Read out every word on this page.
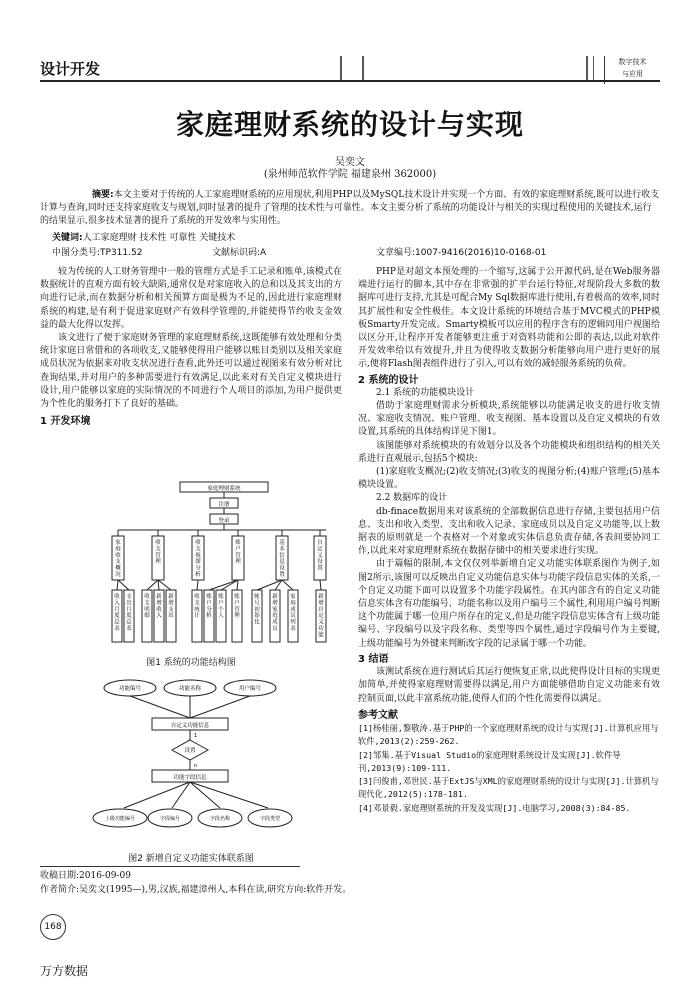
设计开发	数字技术
与应用
家庭理财系统的设计与实现
吴奕文
(泉州师范软件学院 福建泉州 362000)
摘要:本文主要对于传统的人工家庭理财系统的应用现状,利用PHP以及MySQL技术设计并实现一个方面、有效的家庭理财系统,既可以进行收支计算与查询,同时还支持家庭收支与规划,同时显著的提升了管理的技术性与可靠性。本文主要分析了系统的功能设计与相关的实现过程使用的关键技术,运行的结果显示,很多技术显著的提升了系统的开发效率与实用性。
关键词:人工家庭理财 技术性 可靠性 关键技术
中图分类号:TP311.52	文献标识码:A	文章编号:1007-9416(2016)10-0168-01

较为传统的人工财务管理中一般的管理方式是手工记录和账单,该模式在数据统计的直观方面有较大缺陷,通常仅是对家庭收入的总和以及其支出的方向进行记录,而在数据分析和相关预算方面是极为不足的,因此进行家庭理财系统的构建,是有利于促进家庭财产有效科学管理的,并能使得节约收支金效益的最大化得以发挥。

该文进行了便于家庭财务管理的家庭理财系统,这既能够有效处理和分类统计家庭日常借和的各项收支,又能够使得用户能够以账目类别以及相关家庭成员状况为依据来对收支状况进行查看,此外还可以通过视图来有效分析对比查询结果,并对用户的多种需要进行有效满足,以此来对有关自定义模块进行设计,用户能够以家庭的实际情况的不同进行个人项目的添加,为用户提供更为个性化的服务打下了良好的基础。

1 开发环境
家庭理财系统
注册
登录
家
庭
收
支
概
况
收
支
管
理
收
支
视
图
分
析
账
户
管
理
基
本
信
息
设
置
自
定
义
设
置
收
入
月
度
总
表
支
出
月
度
总
表
收
支
明
细
新
增
收
入
新
增
支
出
收
支
统
计
账
户
分
析
账
户
个
人
账
户
管
理
帐
号
初
始
化
新
增
家
庭
成
员
家
庭
成
员
列
表
新
增
自
定
义
功
能
图1 系统的功能结构图
功能编号	功能名称	用户编号
自定义功能信息
1
设置
n
功能字段信息
上级功能编号	字段编号	字段名称	字段类型
图2 新增自定义功能实体联系图

PHP是对超文本预处理的一个缩写,这属于公开源代码,是在Web服务器端进行运行的脚本,其中存在非常强的扩平台运行特征,对现阶段大多数的数据库可进行支持,尤其是可配合My Sql数据库进行使用,有着极高的效率,同时其扩展性和安全性极佳。本文设计系统的环境结合基于MVC模式的PHP模板Smarty开发完成。Smarty模板可以应用的程序含有的逻辑同用户视图给以区分开,让程序开发者能够更注重于对资料功能和公即的表达,以此对软件开发效率给以有效提升,并且为使得收支数据分析能够向用户进行更好的展示,便将Flash图表组件进行了引入,可以有效的减轻服务系统的负荷。

2 系统的设计
2.1 系统的功能模块设计

借助于家庭理财需求分析模块,系统能够以功能满足收支的进行收支情况、家庭收支情况、账户管理、收支视图、基本设置以及自定义模块的有效设置,其系统的具体结构详见下图1。

该图能够对系统模块的有效划分以及各个功能模块和组织结构的相关关系进行直观展示,包括5个模块:

(1)家庭收支概况;(2)收支情况;(3)收支的视图分析;(4)账户管理;(5)基本模块设置。

2.2 数据库的设计

db-finace数据用来对该系统的全部数据信息进行存储,主要包括用户信息、支出和收入类型、支出和收入记录、家庭成员以及自定义功能等,以上数据表的原则就是一个表格对一个对象或实体信息负责存储,各表间要协同工作,以此来对家庭理财系统在数据存储中的相关要求进行实现。

由于篇幅的限制,本文仅仅列举新增自定义功能实体联系图作为例子,如图2所示,该图可以反映出自定义功能信息实体与功能字段信息实体的关系,一个自定义功能下面可以设置多个功能字段属性。在其内部含有的自定义功能信息实体含有功能编号、功能名称以及用户编号三个属性,利用用户编号判断这个功能属于哪一位用户所存在的定义,但是功能字段信息实体含有上级功能编号、字段编号以及字段名称、类型等四个属性,通过字段编号作为主要键,上级功能编号为外键来判断改字段的记录属于哪一个功能。

3 结语

该测试系统在进行测试后其运行便恢复正常,以此使得设计目标的实现更加简单,并使得家庭理财需要得以满足,用户方面能够借助自定义功能来有效控制页面,以此丰富系统功能,使得人们的个性化需要得以满足。

参考文献
[1]杨桂丽,黎敬涛.基于PHP的一个家庭理财系统的设计与实现[J].计算机应用与软件,2013(2):259-262.
[2]邹集.基于Visual Studio的家庭理财系统设计及实现[J].软件导刊,2013(9):109-111.
[3]闫俊甫,邓世民.基于ExtJS与XML的家庭理财系统的设计与实现[J].计算机与现代化,2012(5):178-181.
[4]邓景毅.家庭理财系统的开发及实现[J].电脑学习,2008(3):84-85.
收稿日期:2016-09-09
作者简介:吴奕文(1995—),男,汉族,福建漳州人,本科在读,研究方向:软件开发。
168
万方数据
